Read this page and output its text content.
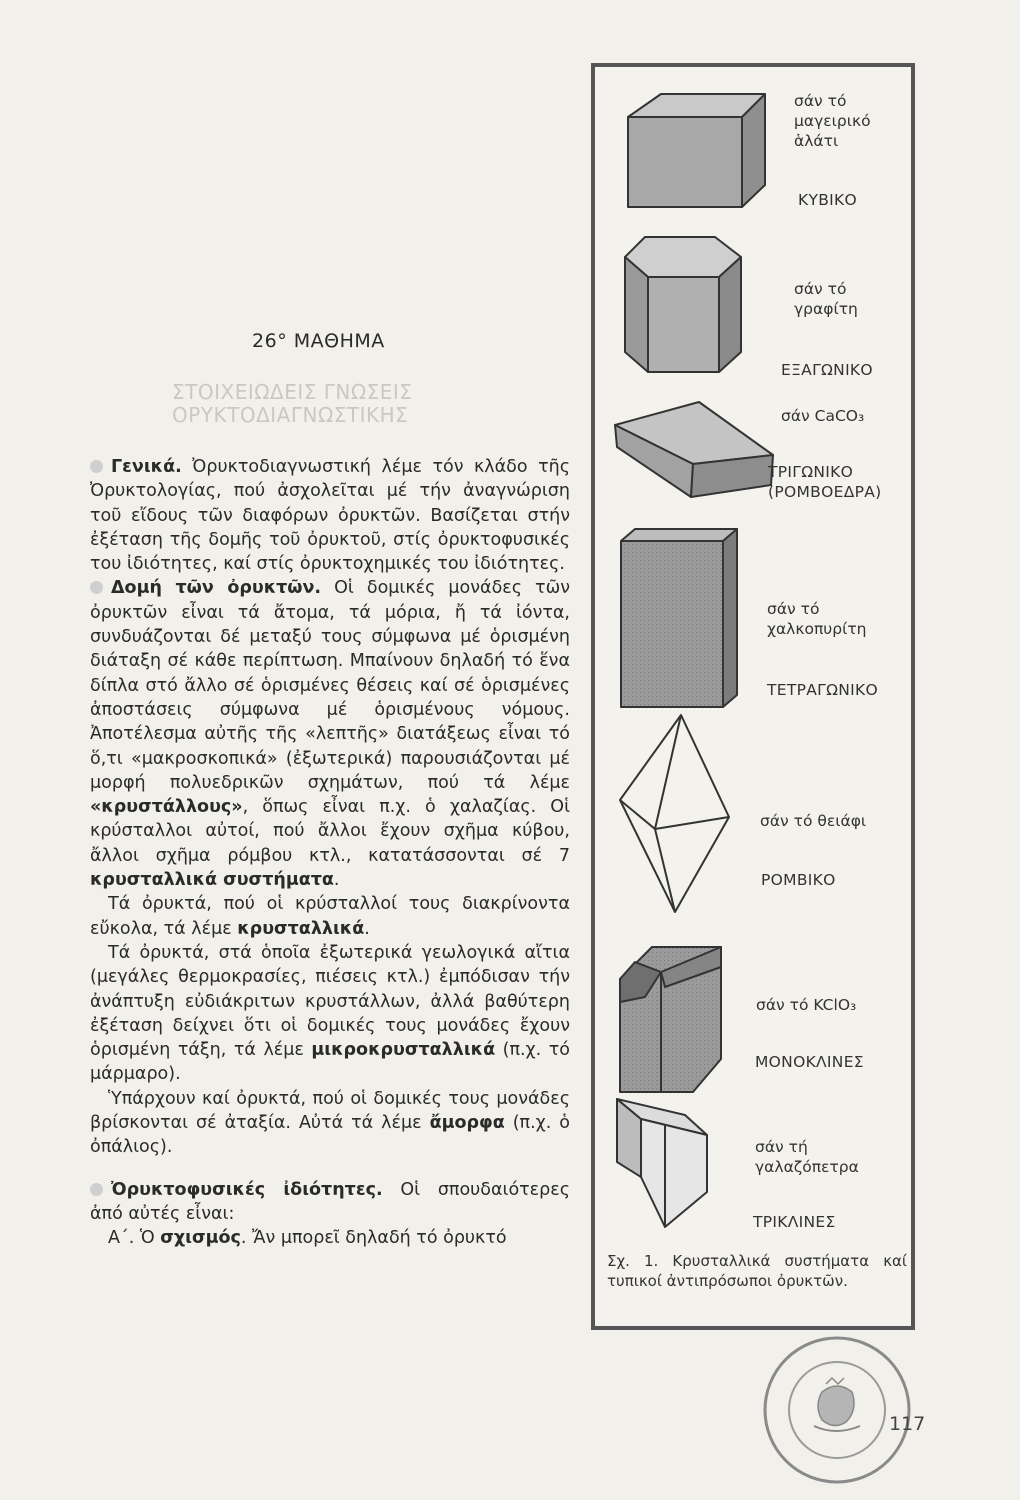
26° ΜΑΘΗΜΑ
ΣΤΟΙΧΕΙΩΔΕΙΣ ΓΝΩΣΕΙΣ
ΟΡΥΚΤΟΔΙΑΓΝΩΣΤΙΚΗΣ

Γενικά. Ὀρυκτοδιαγνωστική λέμε τόν κλάδο τῆς Ὀρυκτολογίας, πού ἀσχολεῖται μέ τήν ἀναγνώριση τοῦ εἴδους τῶν διαφόρων ὀρυκτῶν. Βασίζεται στήν ἐξέταση τῆς δομῆς τοῦ ὀρυκτοῦ, στίς ὀρυκτοφυσικές του ἰδιότητες, καί στίς ὀρυκτοχημικές του ἰδιότητες.

Δομή τῶν ὀρυκτῶν. Οἱ δομικές μονάδες τῶν ὀρυκτῶν εἶναι τά ἄτομα, τά μόρια, ἤ τά ἰόντα, συνδυάζονται δέ μεταξύ τους σύμφωνα μέ ὁρισμένη διάταξη σέ κάθε περίπτωση. Μπαίνουν δηλαδή τό ἕνα δίπλα στό ἄλλο σέ ὁρισμένες θέσεις καί σέ ὁρισμένες ἀποστάσεις σύμφωνα μέ ὁρισμένους νόμους. Ἀποτέλεσμα αὐτῆς τῆς «λεπτῆς» διατάξεως εἶναι τό ὅ,τι «μακροσκοπικά» (ἐξωτερικά) παρουσιάζονται μέ μορφή πολυεδρικῶν σχημάτων, πού τά λέμε «κρυστάλλους», ὅπως εἶναι π.χ. ὁ χαλαζίας. Οἱ κρύσταλλοι αὐτοί, πού ἄλλοι ἔχουν σχῆμα κύβου, ἄλλοι σχῆμα ρόμβου κτλ., κατατάσσονται σέ 7 κρυσταλλικά συστήματα.

Τά ὀρυκτά, πού οἱ κρύσταλλοί τους διακρίνοντα εὔκολα, τά λέμε κρυσταλλικά.

Τά ὀρυκτά, στά ὁποῖα ἐξωτερικά γεωλογικά αἴτια (μεγάλες θερμοκρασίες, πιέσεις κτλ.) ἐμπόδισαν τήν ἀνάπτυξη εὐδιάκριτων κρυστάλλων, ἀλλά βαθύτερη ἐξέταση δείχνει ὅτι οἱ δομικές τους μονάδες ἔχουν ὁρισμένη τάξη, τά λέμε μικροκρυσταλλικά (π.χ. τό μάρμαρο).

Ὑπάρχουν καί ὀρυκτά, πού οἱ δομικές τους μονάδες βρίσκονται σέ ἀταξία. Αὐτά τά λέμε ἄμορφα (π.χ. ὁ ὀπάλιος).

Ὀρυκτοφυσικές ἰδιότητες. Οἱ σπουδαιότερες ἀπό αὐτές εἶναι:

Α΄. Ὁ σχισμός. Ἄν μπορεῖ δηλαδή τό ὀρυκτό

σάν τό μαγειρικό ἁλάτι
ΚΥΒΙΚΟ
σάν τό γραφίτη
ΕΞΑΓΩΝΙΚΟ
σάν CaCO₃
ΤΡΙΓΩΝΙΚΟ (ΡΟΜΒΟΕΔΡΑ)
σάν τό χαλκοπυρίτη
ΤΕΤΡΑΓΩΝΙΚΟ
σάν τό θειάφι
ΡΟΜΒΙΚΟ
σάν τό KClO₃
ΜΟΝΟΚΛΙΝΕΣ
σάν τή γαλαζόπετρα
ΤΡΙΚΛΙΝΕΣ
Σχ. 1. Κρυσταλλικά συστήματα καί τυπικοί ἀντιπρόσωποι ὀρυκτῶν.
117
